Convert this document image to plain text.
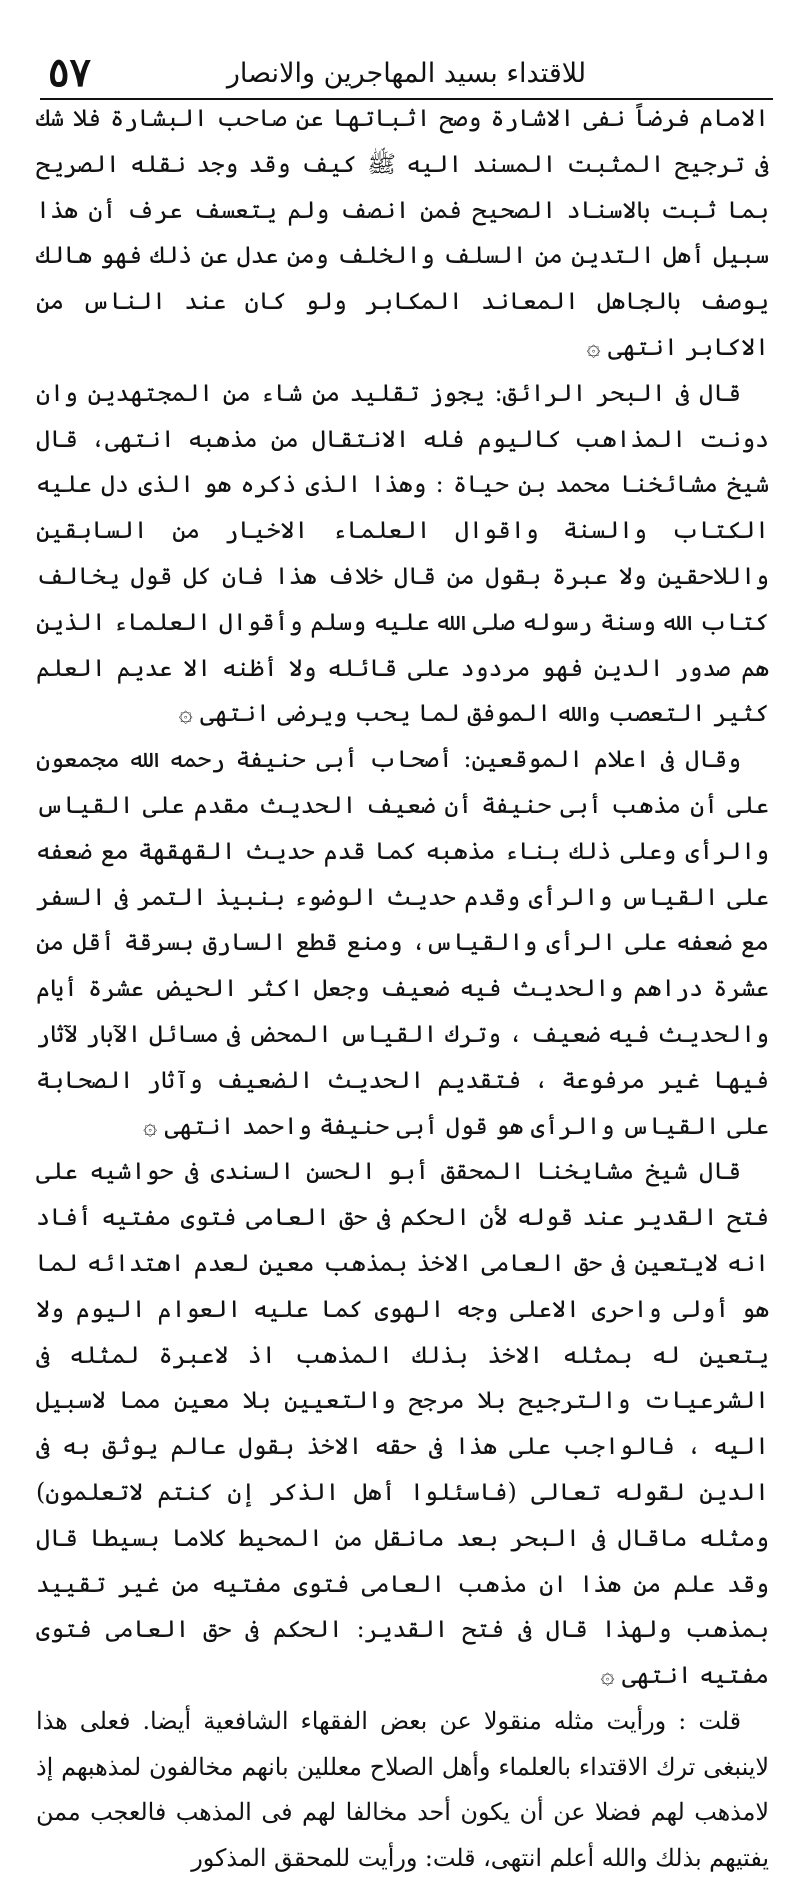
٥٧	للاقتداء بسيد المهاجرين والانصار

الامام فرضاً نفى الاشارة وصح اثباتها عن صاحب البشارة فلا شك فى ترجيح المثبت المسند اليه ﷺ كيف وقد وجد نقله الصريح بما ثبت بالاسناد الصحيح فمن انصف ولم يتعسف عرف أن هذا سبيل أهل التدين من السلف والخلف ومن عدل عن ذلك فهو هالك يوصف بالجاهل المعاند المكابر ولو كان عند الناس من الاكابر انتهى ۞

قال فى البحر الرائق: يجوز تقليد من شاء من المجتهدين وان دونت المذاهب كاليوم فله الانتقال من مذهبه انتهى، قال شيخ مشائخنا محمد بن حياة : وهذا الذى ذكره هو الذى دل عليه الكتاب والسنة واقوال العلماء الاخيار من السابقين واللاحقين ولا عبرة بقول من قال خلاف هذا فان كل قول يخالف كتاب الله وسنة رسوله صلى الله عليه وسلم وأقوال العلماء الذين هم صدور الدين فهو مردود على قائله ولا أظنه الا عديم العلم كثير التعصب والله الموفق لما يحب ويرضى انتهى ۞

وقال فى اعلام الموقعين: أصحاب أبى حنيفة رحمه الله مجمعون على أن مذهب أبى حنيفة أن ضعيف الحديث مقدم على القياس والرأى وعلى ذلك بناء مذهبه كما قدم حديث القهقهة مع ضعفه على القياس والرأى وقدم حديث الوضوء بنبيذ التمر فى السفر مع ضعفه على الرأى والقياس، ومنع قطع السارق بسرقة أقل من عشرة دراهم والحديث فيه ضعيف وجعل اكثر الحيض عشرة أيام والحديث فيه ضعيف ، وترك القياس المحض فى مسائل الآبار لآثار فيها غير مرفوعة ، فتقديم الحديث الضعيف وآثار الصحابة على القياس والرأى هو قول أبى حنيفة واحمد انتهى ۞

قال شيخ مشايخنا المحقق أبو الحسن السندى فى حواشيه على فتح القدير عند قوله لأن الحكم فى حق العامى فتوى مفتيه أفاد انه لايتعين فى حق العامى الاخذ بمذهب معين لعدم اهتدائه لما هو أولى واحرى الاعلى وجه الهوى كما عليه العوام اليوم ولا يتعين له بمثله الاخذ بذلك المذهب اذ لاعبرة لمثله فى الشرعيات والترجيح بلا مرجح والتعيين بلا معين مما لاسبيل اليه ، فالواجب على هذا فى حقه الاخذ بقول عالم يوثق به فى الدين لقوله تعالى (فاسئلوا أهل الذكر إن كنتم لاتعلمون) ومثله ماقال فى البحر بعد مانقل من المحيط كلاما بسيطا قال وقد علم من هذا ان مذهب العامى فتوى مفتيه من غير تقييد بمذهب ولهذا قال فى فتح القدير: الحكم فى حق العامى فتوى مفتيه انتهى ۞

قلت : ورأيت مثله منقولا عن بعض الفقهاء الشافعية أيضا. فعلى هذا لاينبغى ترك الاقتداء بالعلماء وأهل الصلاح معللين بانهم مخالفون لمذهبهم إذ لامذهب لهم فضلا عن أن يكون أحد مخالفا لهم فى المذهب فالعجب ممن يفتيهم بذلك والله أعلم انتهى، قلت: ورأيت للمحقق المذكور
